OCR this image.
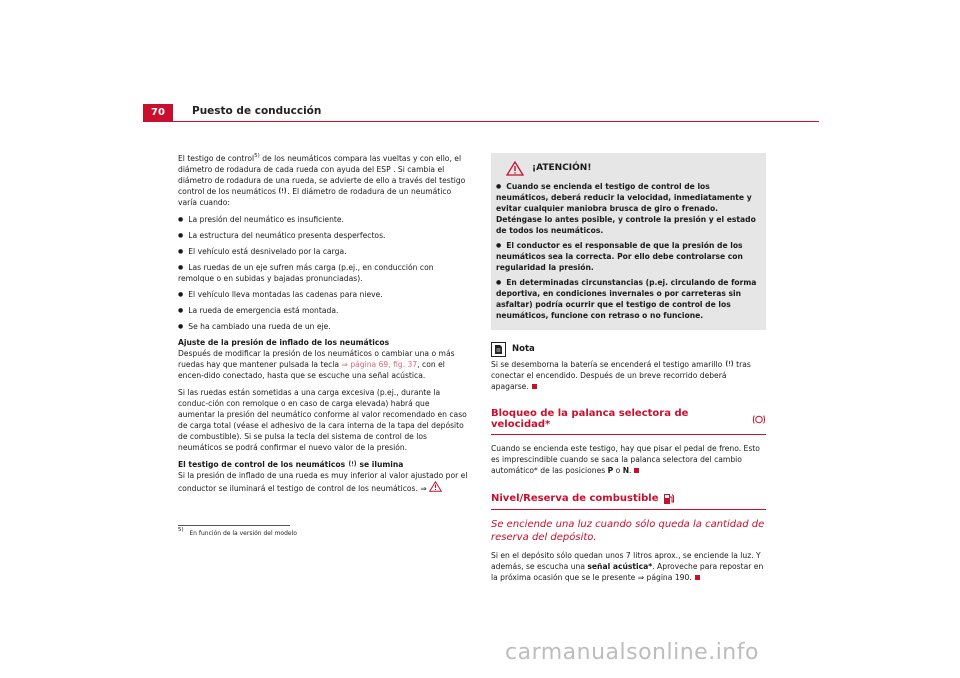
70	Puesto de conducción

El testigo de control$^{5)}$ de los neumáticos compara las vueltas y con ello, el diámetro de rodadura de cada rueda con ayuda del ESP . Si cambia el diámetro de rodadura de una rueda, se advierte de ello a través del testigo control de los neumáticos . El diámetro de rodadura de un neumático varía cuando:

● La presión del neumático es insuficiente.

● La estructura del neumático presenta desperfectos.

● El vehículo está desnivelado por la carga.

● Las ruedas de un eje sufren más carga (p.ej., en conducción con remolque o en subidas y bajadas pronunciadas).

● El vehículo lleva montadas las cadenas para nieve.

● La rueda de emergencia está montada.

● Se ha cambiado una rueda de un eje.

Ajuste de la presión de inflado de los neumáticos

Después de modificar la presión de los neumáticos o cambiar una o más ruedas hay que mantener pulsada la tecla ⇒ página 69, fig. 37, con el encen-dido conectado, hasta que se escuche una señal acústica.

Si las ruedas están sometidas a una carga excesiva (p.ej., durante la conduc-ción con remolque o en caso de carga elevada) habrá que aumentar la presión del neumático conforme al valor recomendado en caso de carga total (véase el adhesivo de la cara interna de la tapa del depósito de combustible). Si se pulsa la tecla del sistema de control de los neumáticos se podrá confirmar el nuevo valor de la presión.

El testigo de control de los neumáticos  se ilumina

Si la presión de inflado de una rueda es muy inferior al valor ajustado por el conductor se iluminará el testigo de control de los neumáticos. ⇒

¡ATENCIÓN!

● Cuando se encienda el testigo de control de los neumáticos, deberá reducir la velocidad, inmediatamente y evitar cualquier maniobra brusca de giro o frenado. Deténgase lo antes posible, y controle la presión y el estado de todos los neumáticos.

● El conductor es el responsable de que la presión de los neumáticos sea la correcta. Por ello debe controlarse con regularidad la presión.

● En determinadas circunstancias (p.ej. circulando de forma deportiva, en condiciones invernales o por carreteras sin asfaltar) podría ocurrir que el testigo de control de los neumáticos, funcione con retraso o no funcione.

Nota

Si se desemborna la batería se encenderá el testigo amarillo  tras conectar el encendido. Después de un breve recorrido deberá apagarse.

Bloqueo de la palanca selectora de velocidad*

Cuando se encienda este testigo, hay que pisar el pedal de freno. Esto es imprescindible cuando se saca la palanca selectora del cambio automático* de las posiciones P o N.

Nivel/Reserva de combustible

Se enciende una luz cuando sólo queda la cantidad de reserva del depósito.

Si en el depósito sólo quedan unos 7 litros aprox., se enciende la luz. Y además, se escucha una señal acústica*. Aproveche para repostar en la próxima ocasión que se le presente ⇒ página 190.

$^{5)}$ En función de la versión del modelo
carmanualsonline.info
